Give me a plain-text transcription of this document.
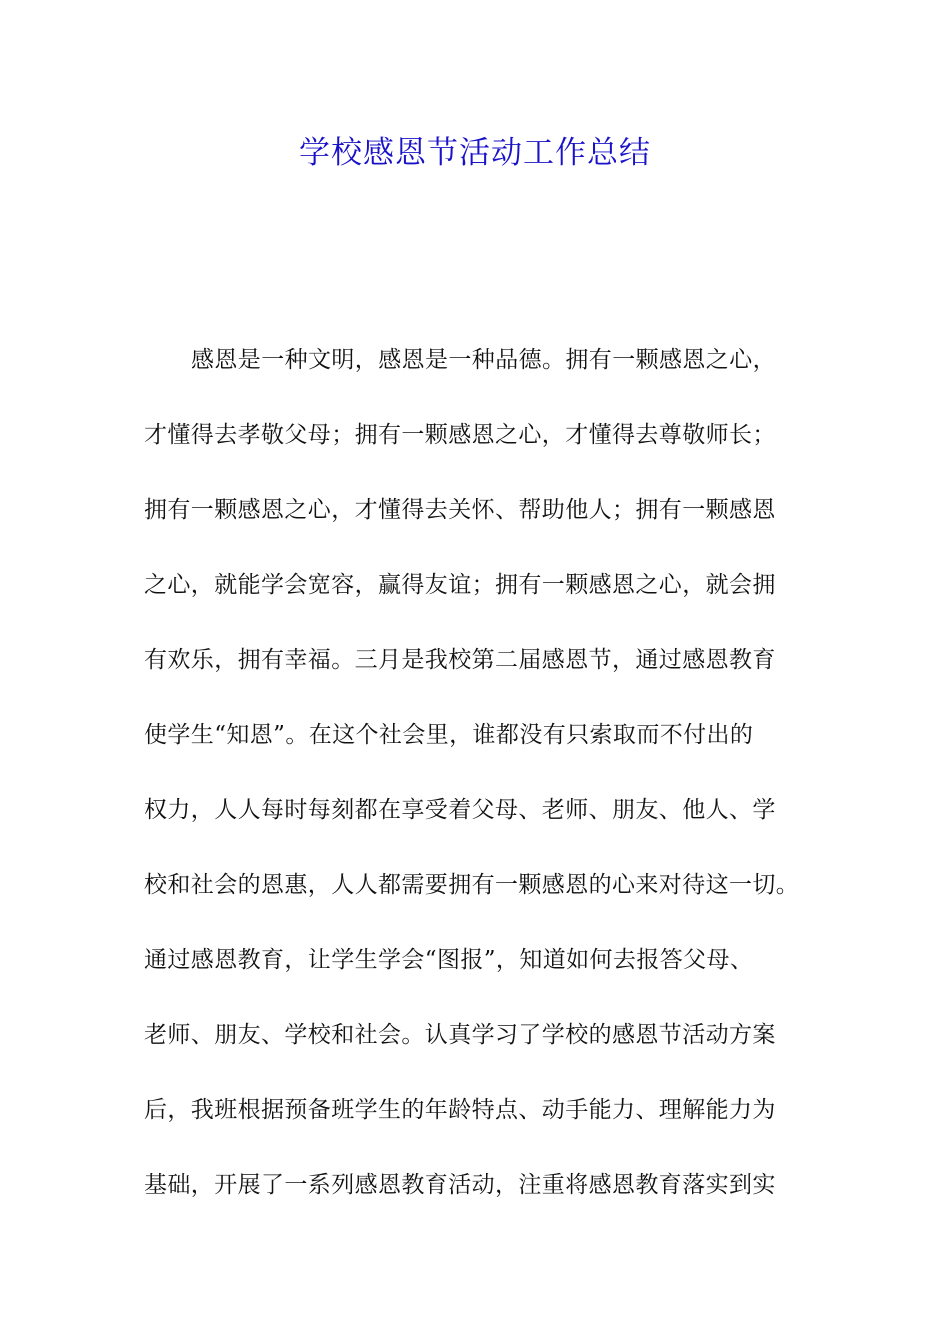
学校感恩节活动工作总结
感恩是一种文明，感恩是一种品德。拥有一颗感恩之心，
才懂得去孝敬父母；拥有一颗感恩之心，才懂得去尊敬师长；
拥有一颗感恩之心，才懂得去关怀、帮助他人；拥有一颗感恩
之心，就能学会宽容，赢得友谊；拥有一颗感恩之心，就会拥
有欢乐，拥有幸福。三月是我校第二届感恩节，通过感恩教育
使学生“知恩”。在这个社会里，谁都没有只索取而不付出的
权力，人人每时每刻都在享受着父母、老师、朋友、他人、学
校和社会的恩惠，人人都需要拥有一颗感恩的心来对待这一切。
通过感恩教育，让学生学会“图报”，知道如何去报答父母、
老师、朋友、学校和社会。认真学习了学校的感恩节活动方案
后，我班根据预备班学生的年龄特点、动手能力、理解能力为
基础，开展了一系列感恩教育活动，注重将感恩教育落实到实
